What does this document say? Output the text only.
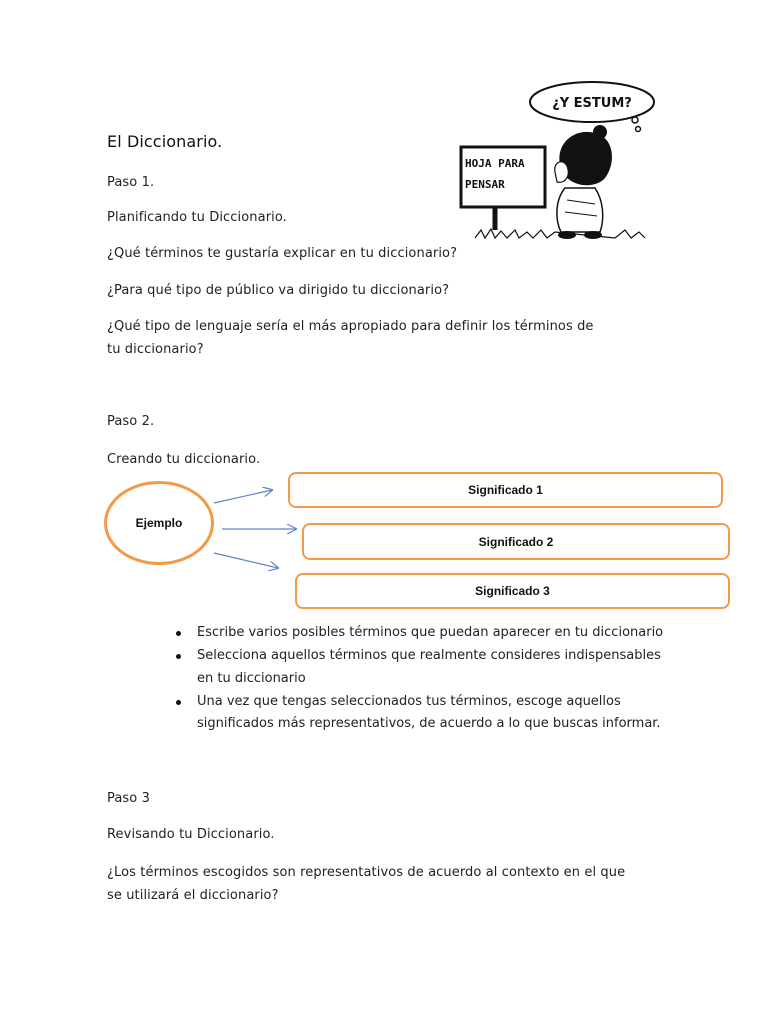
El Diccionario.
Paso 1.
Planificando tu Diccionario.
¿Qué términos te gustaría explicar en tu diccionario?
¿Para qué tipo de público va dirigido tu diccionario?
¿Qué tipo de lenguaje sería el más apropiado para definir los términos de tu diccionario?
¿Y ESTUM?
HOJA PARA
PENSAR
Paso 2.
Creando tu diccionario.
Ejemplo
Significado 1
Significado 2
Significado 3
Escribe varios posibles términos que puedan aparecer en tu diccionario
Selecciona aquellos términos que realmente consideres indispensables en tu diccionario
Una vez que tengas seleccionados tus términos, escoge aquellos significados más representativos, de acuerdo a lo que buscas informar.
Paso 3
Revisando tu Diccionario.
¿Los términos escogidos son representativos de acuerdo al contexto en el que se utilizará el diccionario?
